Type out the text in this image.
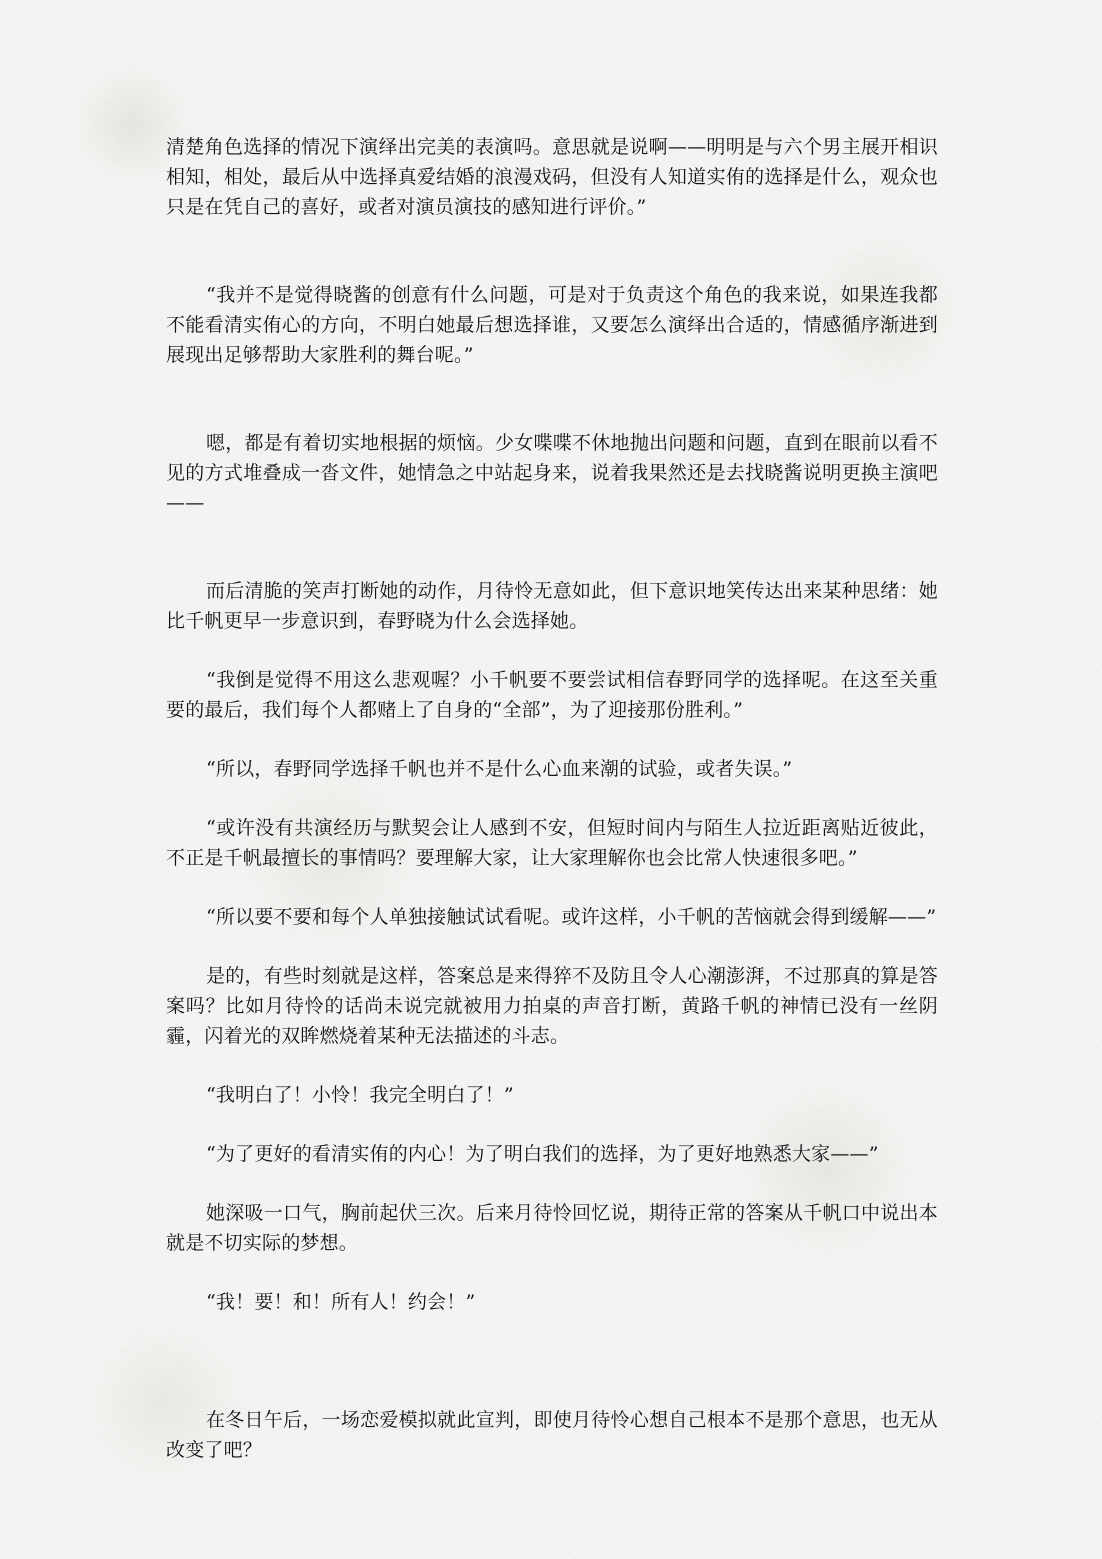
清楚角色选择的情况下演绎出完美的表演吗。意思就是说啊——明明是与六个男主展开相识相知，相处，最后从中选择真爱结婚的浪漫戏码，但没有人知道实侑的选择是什么，观众也只是在凭自己的喜好，或者对演员演技的感知进行评价。”

“我并不是觉得晓酱的创意有什么问题，可是对于负责这个角色的我来说，如果连我都不能看清实侑心的方向，不明白她最后想选择谁，又要怎么演绎出合适的，情感循序渐进到展现出足够帮助大家胜利的舞台呢。”

嗯，都是有着切实地根据的烦恼。少女喋喋不休地抛出问题和问题，直到在眼前以看不见的方式堆叠成一沓文件，她情急之中站起身来，说着我果然还是去找晓酱说明更换主演吧——

而后清脆的笑声打断她的动作，月待怜无意如此，但下意识地笑传达出来某种思绪：她比千帆更早一步意识到，春野晓为什么会选择她。

“我倒是觉得不用这么悲观喔？小千帆要不要尝试相信春野同学的选择呢。在这至关重要的最后，我们每个人都赌上了自身的“全部”，为了迎接那份胜利。”

“所以，春野同学选择千帆也并不是什么心血来潮的试验，或者失误。”

“或许没有共演经历与默契会让人感到不安，但短时间内与陌生人拉近距离贴近彼此，不正是千帆最擅长的事情吗？要理解大家，让大家理解你也会比常人快速很多吧。”

“所以要不要和每个人单独接触试试看呢。或许这样，小千帆的苦恼就会得到缓解——”

是的，有些时刻就是这样，答案总是来得猝不及防且令人心潮澎湃，不过那真的算是答案吗？比如月待怜的话尚未说完就被用力拍桌的声音打断，黄路千帆的神情已没有一丝阴霾，闪着光的双眸燃烧着某种无法描述的斗志。

“我明白了！小怜！我完全明白了！”

“为了更好的看清实侑的内心！为了明白我们的选择，为了更好地熟悉大家——”

她深吸一口气，胸前起伏三次。后来月待怜回忆说，期待正常的答案从千帆口中说出本就是不切实际的梦想。

“我！要！和！所有人！约会！”

在冬日午后，一场恋爱模拟就此宣判，即使月待怜心想自己根本不是那个意思，也无从改变了吧？
